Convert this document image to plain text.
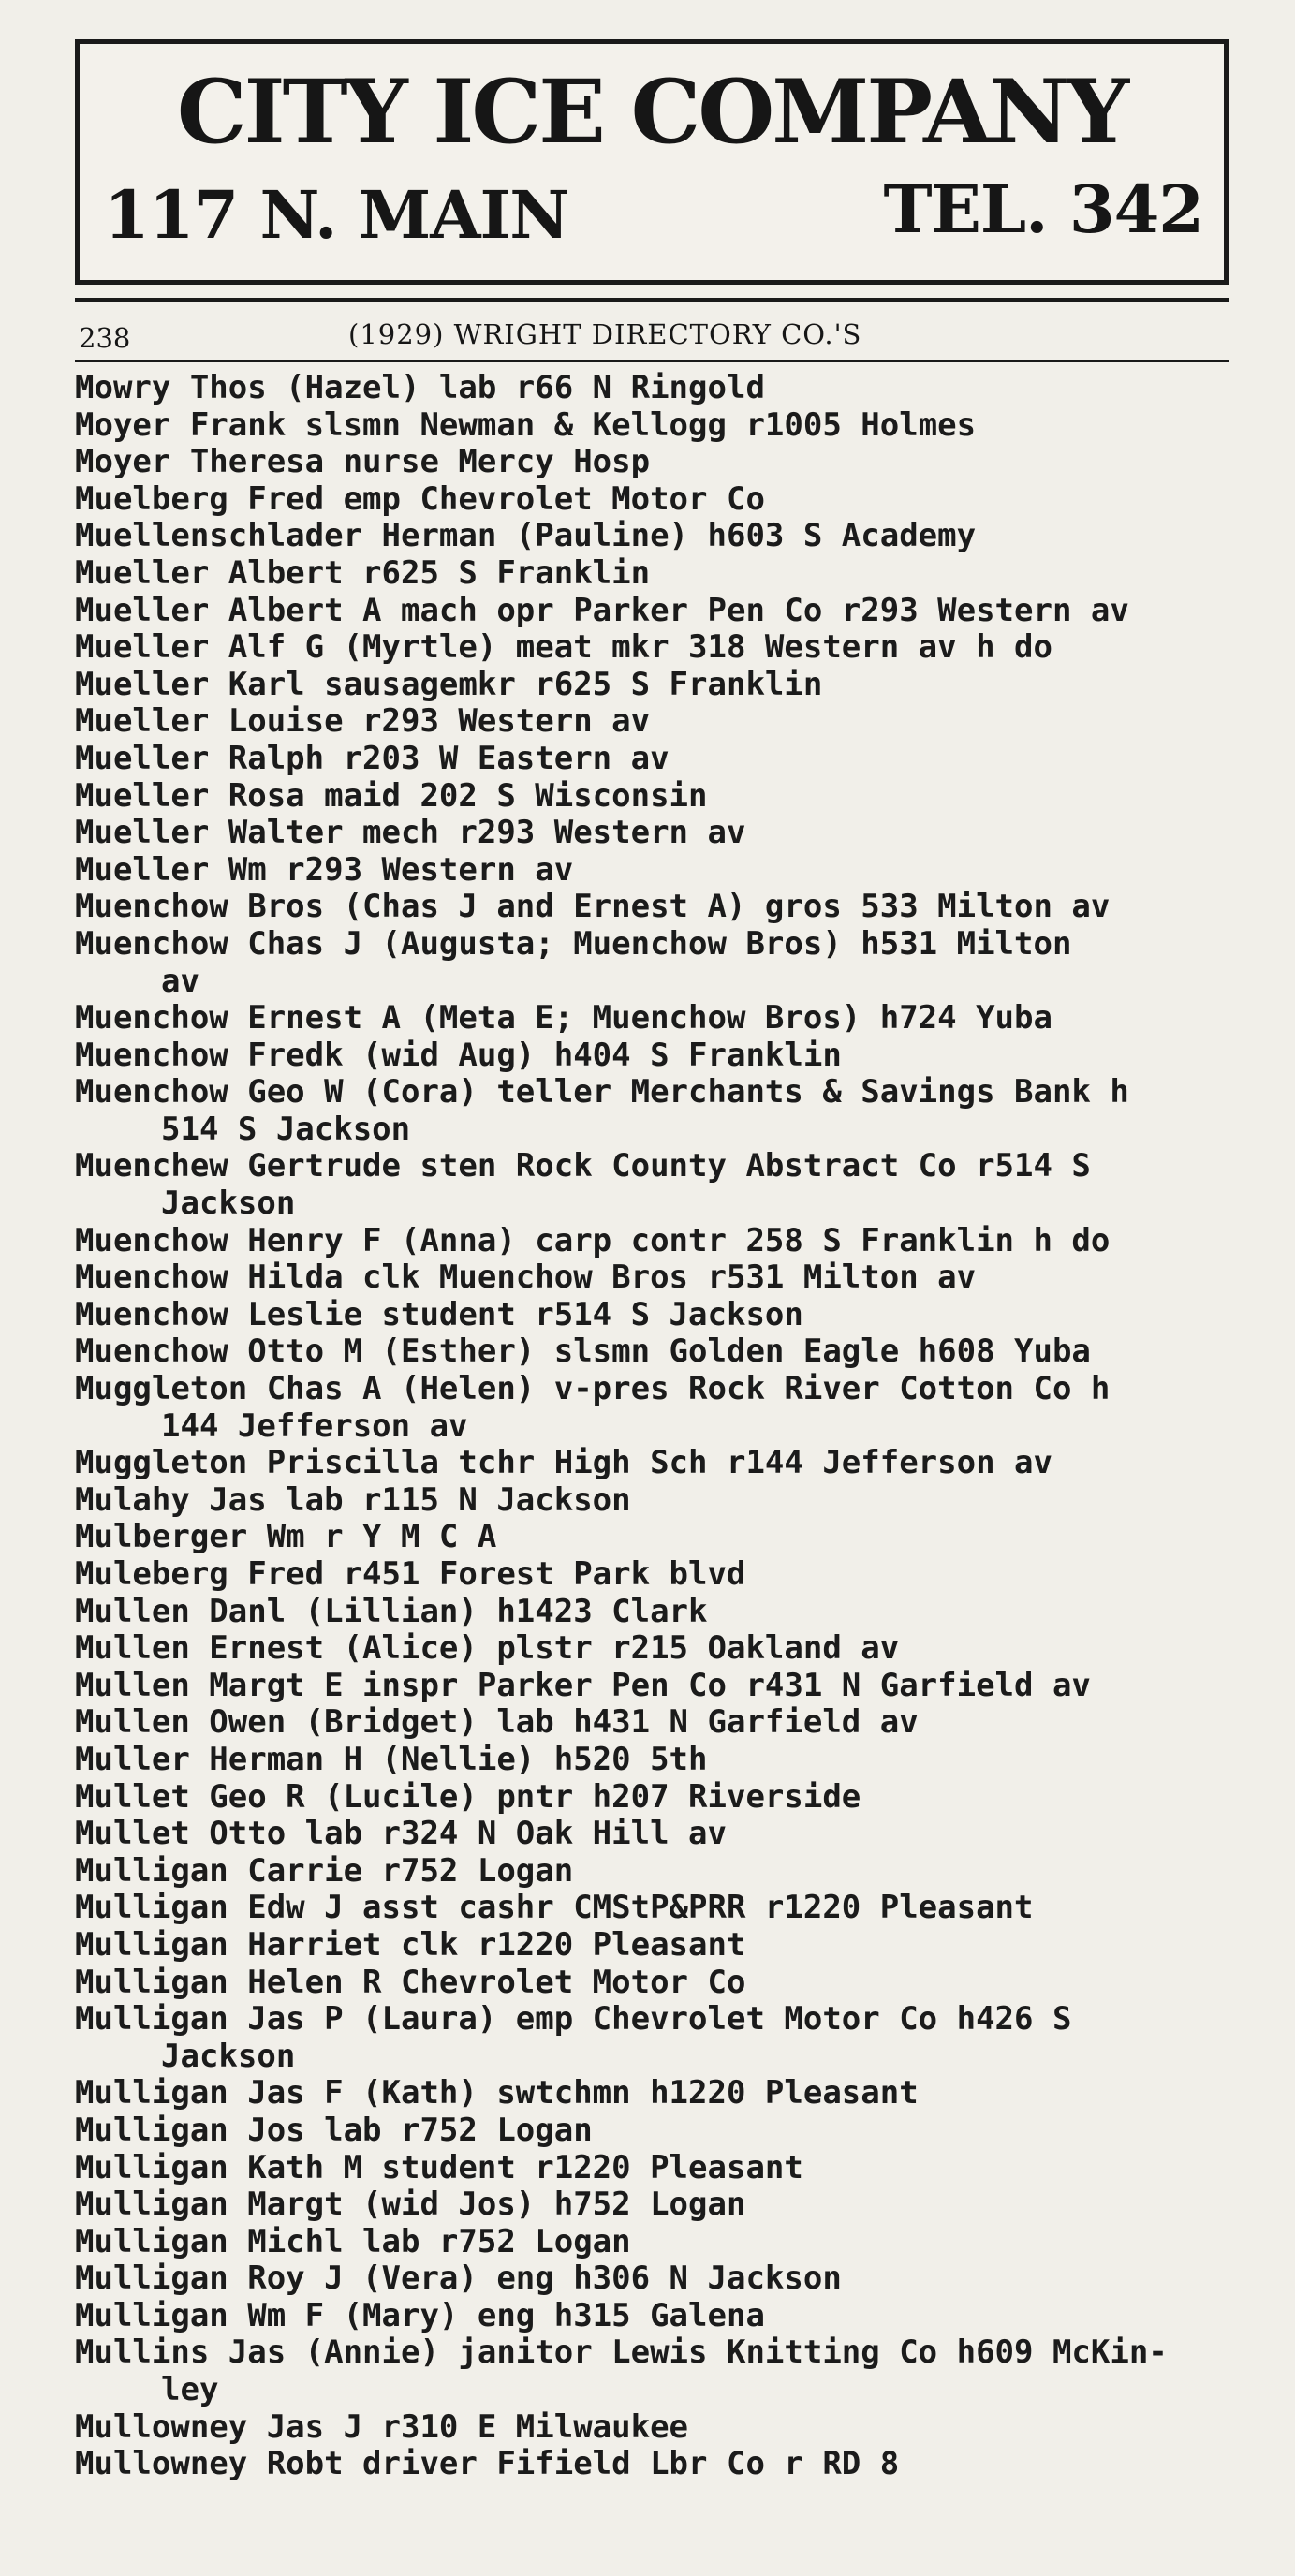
CITY ICE COMPANY
117 N. MAIN	TEL. 342
238	(1929) WRIGHT DIRECTORY CO.'S
Mowry Thos (Hazel) lab r66 N Ringold
Moyer Frank slsmn Newman & Kellogg r1005 Holmes
Moyer Theresa nurse Mercy Hosp
Muelberg Fred emp Chevrolet Motor Co
Muellenschlader Herman (Pauline) h603 S Academy
Mueller Albert r625 S Franklin
Mueller Albert A mach opr Parker Pen Co r293 Western av
Mueller Alf G (Myrtle) meat mkr 318 Western av h do
Mueller Karl sausagemkr r625 S Franklin
Mueller Louise r293 Western av
Mueller Ralph r203 W Eastern av
Mueller Rosa maid 202 S Wisconsin
Mueller Walter mech r293 Western av
Mueller Wm r293 Western av
Muenchow Bros (Chas J and Ernest A) gros 533 Milton av
Muenchow Chas J (Augusta; Muenchow Bros) h531 Milton
av
Muenchow Ernest A (Meta E; Muenchow Bros) h724 Yuba
Muenchow Fredk (wid Aug) h404 S Franklin
Muenchow Geo W (Cora) teller Merchants & Savings Bank h
514 S Jackson
Muenchew Gertrude sten Rock County Abstract Co r514 S
Jackson
Muenchow Henry F (Anna) carp contr 258 S Franklin h do
Muenchow Hilda clk Muenchow Bros r531 Milton av
Muenchow Leslie student r514 S Jackson
Muenchow Otto M (Esther) slsmn Golden Eagle h608 Yuba
Muggleton Chas A (Helen) v-pres Rock River Cotton Co h
144 Jefferson av
Muggleton Priscilla tchr High Sch r144 Jefferson av
Mulahy Jas lab r115 N Jackson
Mulberger Wm r Y M C A
Muleberg Fred r451 Forest Park blvd
Mullen Danl (Lillian) h1423 Clark
Mullen Ernest (Alice) plstr r215 Oakland av
Mullen Margt E inspr Parker Pen Co r431 N Garfield av
Mullen Owen (Bridget) lab h431 N Garfield av
Muller Herman H (Nellie) h520 5th
Mullet Geo R (Lucile) pntr h207 Riverside
Mullet Otto lab r324 N Oak Hill av
Mulligan Carrie r752 Logan
Mulligan Edw J asst cashr CMStP&PRR r1220 Pleasant
Mulligan Harriet clk r1220 Pleasant
Mulligan Helen R Chevrolet Motor Co
Mulligan Jas P (Laura) emp Chevrolet Motor Co h426 S
Jackson
Mulligan Jas F (Kath) swtchmn h1220 Pleasant
Mulligan Jos lab r752 Logan
Mulligan Kath M student r1220 Pleasant
Mulligan Margt (wid Jos) h752 Logan
Mulligan Michl lab r752 Logan
Mulligan Roy J (Vera) eng h306 N Jackson
Mulligan Wm F (Mary) eng h315 Galena
Mullins Jas (Annie) janitor Lewis Knitting Co h609 McKin-
ley
Mullowney Jas J r310 E Milwaukee
Mullowney Robt driver Fifield Lbr Co r RD 8
